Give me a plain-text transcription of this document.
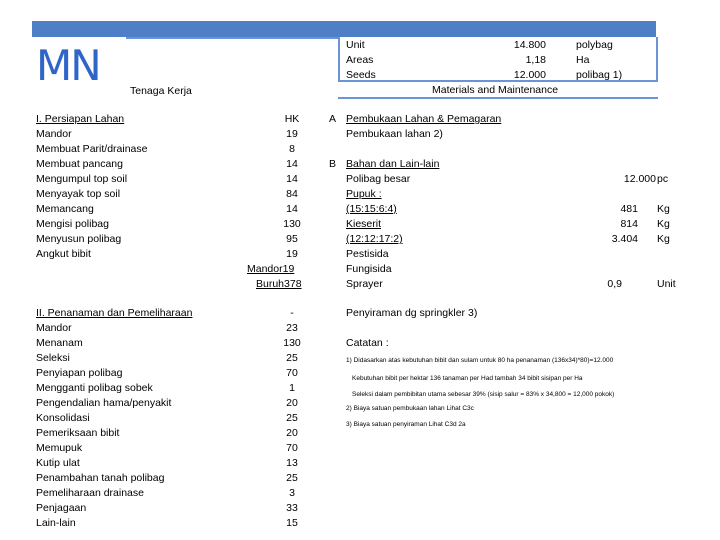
MN
Tenaga Kerja
Unit
Areas
Seeds
14.800
1,18
12.000
polybag
Ha
polibag 1)
Materials and Maintenance
I. Persiapan Lahan	HK
Mandor
Membuat Parit/drainase
Membuat pancang
Mengumpul top soil
Menyayak top soil
Memancang
Mengisi polibag
Menyusun polibag
Angkut bibit
19
8
14
14
84
14
130
95
19
Mandor19
Buruh378
II. Penanaman dan Pemeliharaan	-
Mandor
Menanam
Seleksi
Penyiapan polibag
Mengganti polibag sobek
Pengendalian hama/penyakit
Konsolidasi
Pemeriksaan bibit
Memupuk
Kutip ulat
Penambahan tanah polibag
Pemeliharaan drainase
Penjagaan
Lain-lain
23
130
25
70
1
20
25
20
70
13
25
3
33
15
A Pembukaan Lahan & Pemagaran
Pembukaan lahan 2)
B Bahan dan Lain-lain
Polibag besar
Pupuk :
(15:15:6:4)
Kieserit
(12:12:17:2)
Pestisida
Fungisida
Sprayer
12.000
481
814
3.404
0,9
pc
Kg
Kg
Kg
Unit
Penyiraman dg springkler 3)
Catatan :
1) Didasarkan atas kebutuhan bibit dan sulam untuk 80 ha penanaman (136x34)*80)=12.000
Kebutuhan bibit per hektar 136 tanaman per Had tambah 34 bibit sisipan per Ha
Seleksi dalam pembibitan utama sebesar 39% (sisip salur = 83% x 34,800 = 12,000 pokok)
2) Biaya satuan pembukaan lahan Lihat C3c
3) Biaya satuan penyiraman Lihat C3d 2a
